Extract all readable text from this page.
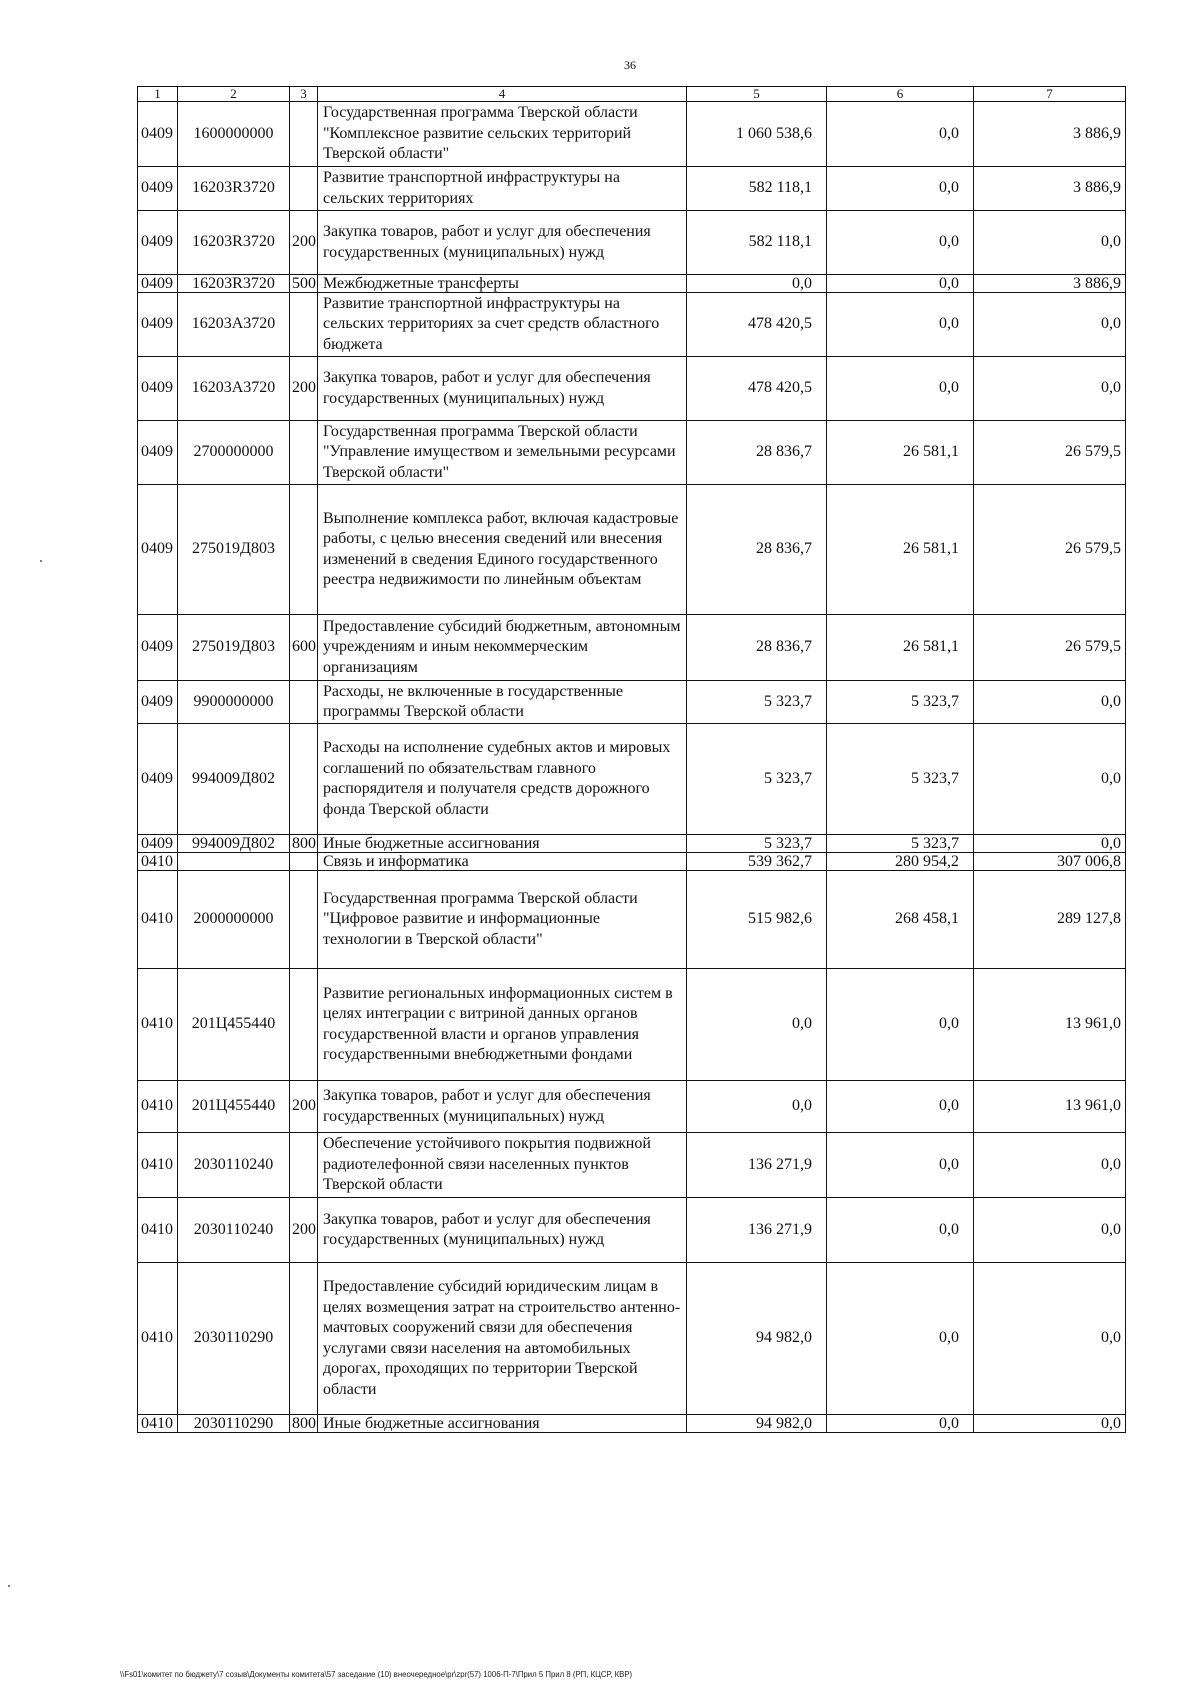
36
1	2	3	4	5	6	7
0409	1600000000		Государственная программа Тверской области "Комплексное развитие сельских территорий Тверской области"	1 060 538,6	0,0	3 886,9
0409	16203R3720		Развитие транспортной инфраструктуры на сельских территориях	582 118,1	0,0	3 886,9
0409	16203R3720	200	Закупка товаров, работ и услуг для обеспечения государственных (муниципальных) нужд	582 118,1	0,0	0,0
0409	16203R3720	500	Межбюджетные трансферты	0,0	0,0	3 886,9
0409	16203А3720		Развитие транспортной инфраструктуры на сельских территориях за счет средств областного бюджета	478 420,5	0,0	0,0
0409	16203А3720	200	Закупка товаров, работ и услуг для обеспечения государственных (муниципальных) нужд	478 420,5	0,0	0,0
0409	2700000000		Государственная программа Тверской области "Управление имуществом и земельными ресурсами Тверской области"	28 836,7	26 581,1	26 579,5
0409	275019Д803		Выполнение комплекса работ, включая кадастровые работы, с целью внесения сведений или внесения изменений в сведения Единого государственного реестра недвижимости по линейным объектам	28 836,7	26 581,1	26 579,5
0409	275019Д803	600	Предоставление субсидий бюджетным, автономным учреждениям и иным некоммерческим организациям	28 836,7	26 581,1	26 579,5
0409	9900000000		Расходы, не включенные в государственные программы Тверской области	5 323,7	5 323,7	0,0
0409	994009Д802		Расходы на исполнение судебных актов и мировых соглашений по обязательствам главного распорядителя и получателя средств дорожного фонда Тверской области	5 323,7	5 323,7	0,0
0409	994009Д802	800	Иные бюджетные ассигнования	5 323,7	5 323,7	0,0
0410			Связь и информатика	539 362,7	280 954,2	307 006,8
0410	2000000000		Государственная программа Тверской области "Цифровое развитие и информационные технологии в Тверской области"	515 982,6	268 458,1	289 127,8
0410	201Ц455440		Развитие региональных информационных систем в целях интеграции с витриной данных органов государственной власти и органов управления государственными внебюджетными фондами	0,0	0,0	13 961,0
0410	201Ц455440	200	Закупка товаров, работ и услуг для обеспечения государственных (муниципальных) нужд	0,0	0,0	13 961,0
0410	2030110240		Обеспечение устойчивого покрытия подвижной радиотелефонной связи населенных пунктов Тверской области	136 271,9	0,0	0,0
0410	2030110240	200	Закупка товаров, работ и услуг для обеспечения государственных (муниципальных) нужд	136 271,9	0,0	0,0
0410	2030110290		Предоставление субсидий юридическим лицам в целях возмещения затрат на строительство антенно-мачтовых сооружений связи для обеспечения услугами связи населения на автомобильных дорогах, проходящих по территории Тверской области	94 982,0	0,0	0,0
0410	2030110290	800	Иные бюджетные ассигнования	94 982,0	0,0	0,0
\\Fs01\комитет по бюджету\7 созыв\Документы комитета\57 заседание (10) внеочередное\pr\zpr(57) 1006-П-7\Прил 5 Прил 8 (РП, КЦСР, КВР)
